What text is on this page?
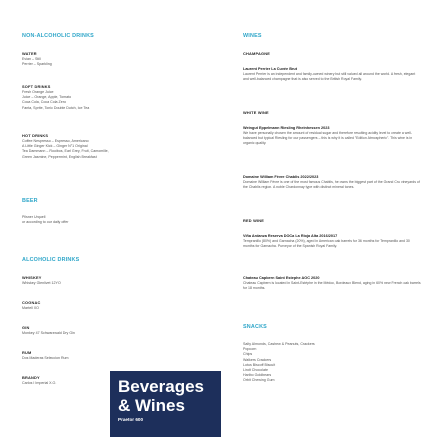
NON-ALCOHOLIC DRINKS
WATER
Evian – Still
Perrier – Sparkling
SOFT DRINKS
Fresh Orange Juice
Juice – Orange, Apple, Tomato
Coca Cola, Coca Cola Zero
Fanta, Sprite, Tonic Double Dutch, Ice Tea
HOT DRINKS
Coffee Nespresso – Espresso, Americano
A Little Ginger Kick – Ginger N°1 Original
Tea Dammann – Rooibos, Earl Grey, Fruit, Camomille,
Green Jasmine, Peppermint, English Breakfast
BEER
Pilsner Urquell
or according to our daily offer
ALCOHOLIC DRINKS
WHISKEY
Whiskey Glenlivet 12YO
COGNAC
Martell XO
GIN
Monkey 47 Schwarzwald Dry Gin
RUM
Dos Maderas Seleccion Rum
BRANDY
Carlos I Imperial X.O.
WINES
CHAMPAGNE
Laurent Perrier La Cuvée Brut
Laurent Perrier is an independent and family-owned winery but still valued all around the world. A fresh, elegant and well-balanced champagne that is also served to the British Royal Family.
WHITE WINE
Weingut Eppelmann Riesling Rheinhessen 2023
We have personally chosen the amount of residual sugar and therefore resulting acidity level to create a well-balanced but typical Riesling for our passengers – this is why it is called "Edition Atmospheric". This wine is in organic quality.
Domaine William Fèvre Chablis 2022/2023
Domaine William Fèvre is one of the most famous Chablis, he owns the biggest part of the Grand Cru vineyards of the Chablis region. A noble Chardonnay type with distinct mineral tones.
RED WINE
Viña Ardanza Reserva DOCa La Rioja Alta 2016/2017
Tempranillo (80%) and Garnacha (20%), aged in American oak barrels for 36 months for Tempranillo and 30 months for Garnacha. Purveyor of the Spanish Royal Family.
Chateau Capbern Saint Estephe AOC 2020
Chateau Capbern is located in Saint-Estèphe in the Médoc, Bordeaux Blend, aging in 60% new French oak barrels for 18 months.
SNACKS
Salty Almonds, Cashew & Peanuts, Crackers
Popcorn
Chips
Walkers Crackers
Lotus Biscoff Biscuit
Lindt Chocolate
Haribo Goldbears
Orbit Chewing Gum
Beverages
& Wines
Praetor 600
